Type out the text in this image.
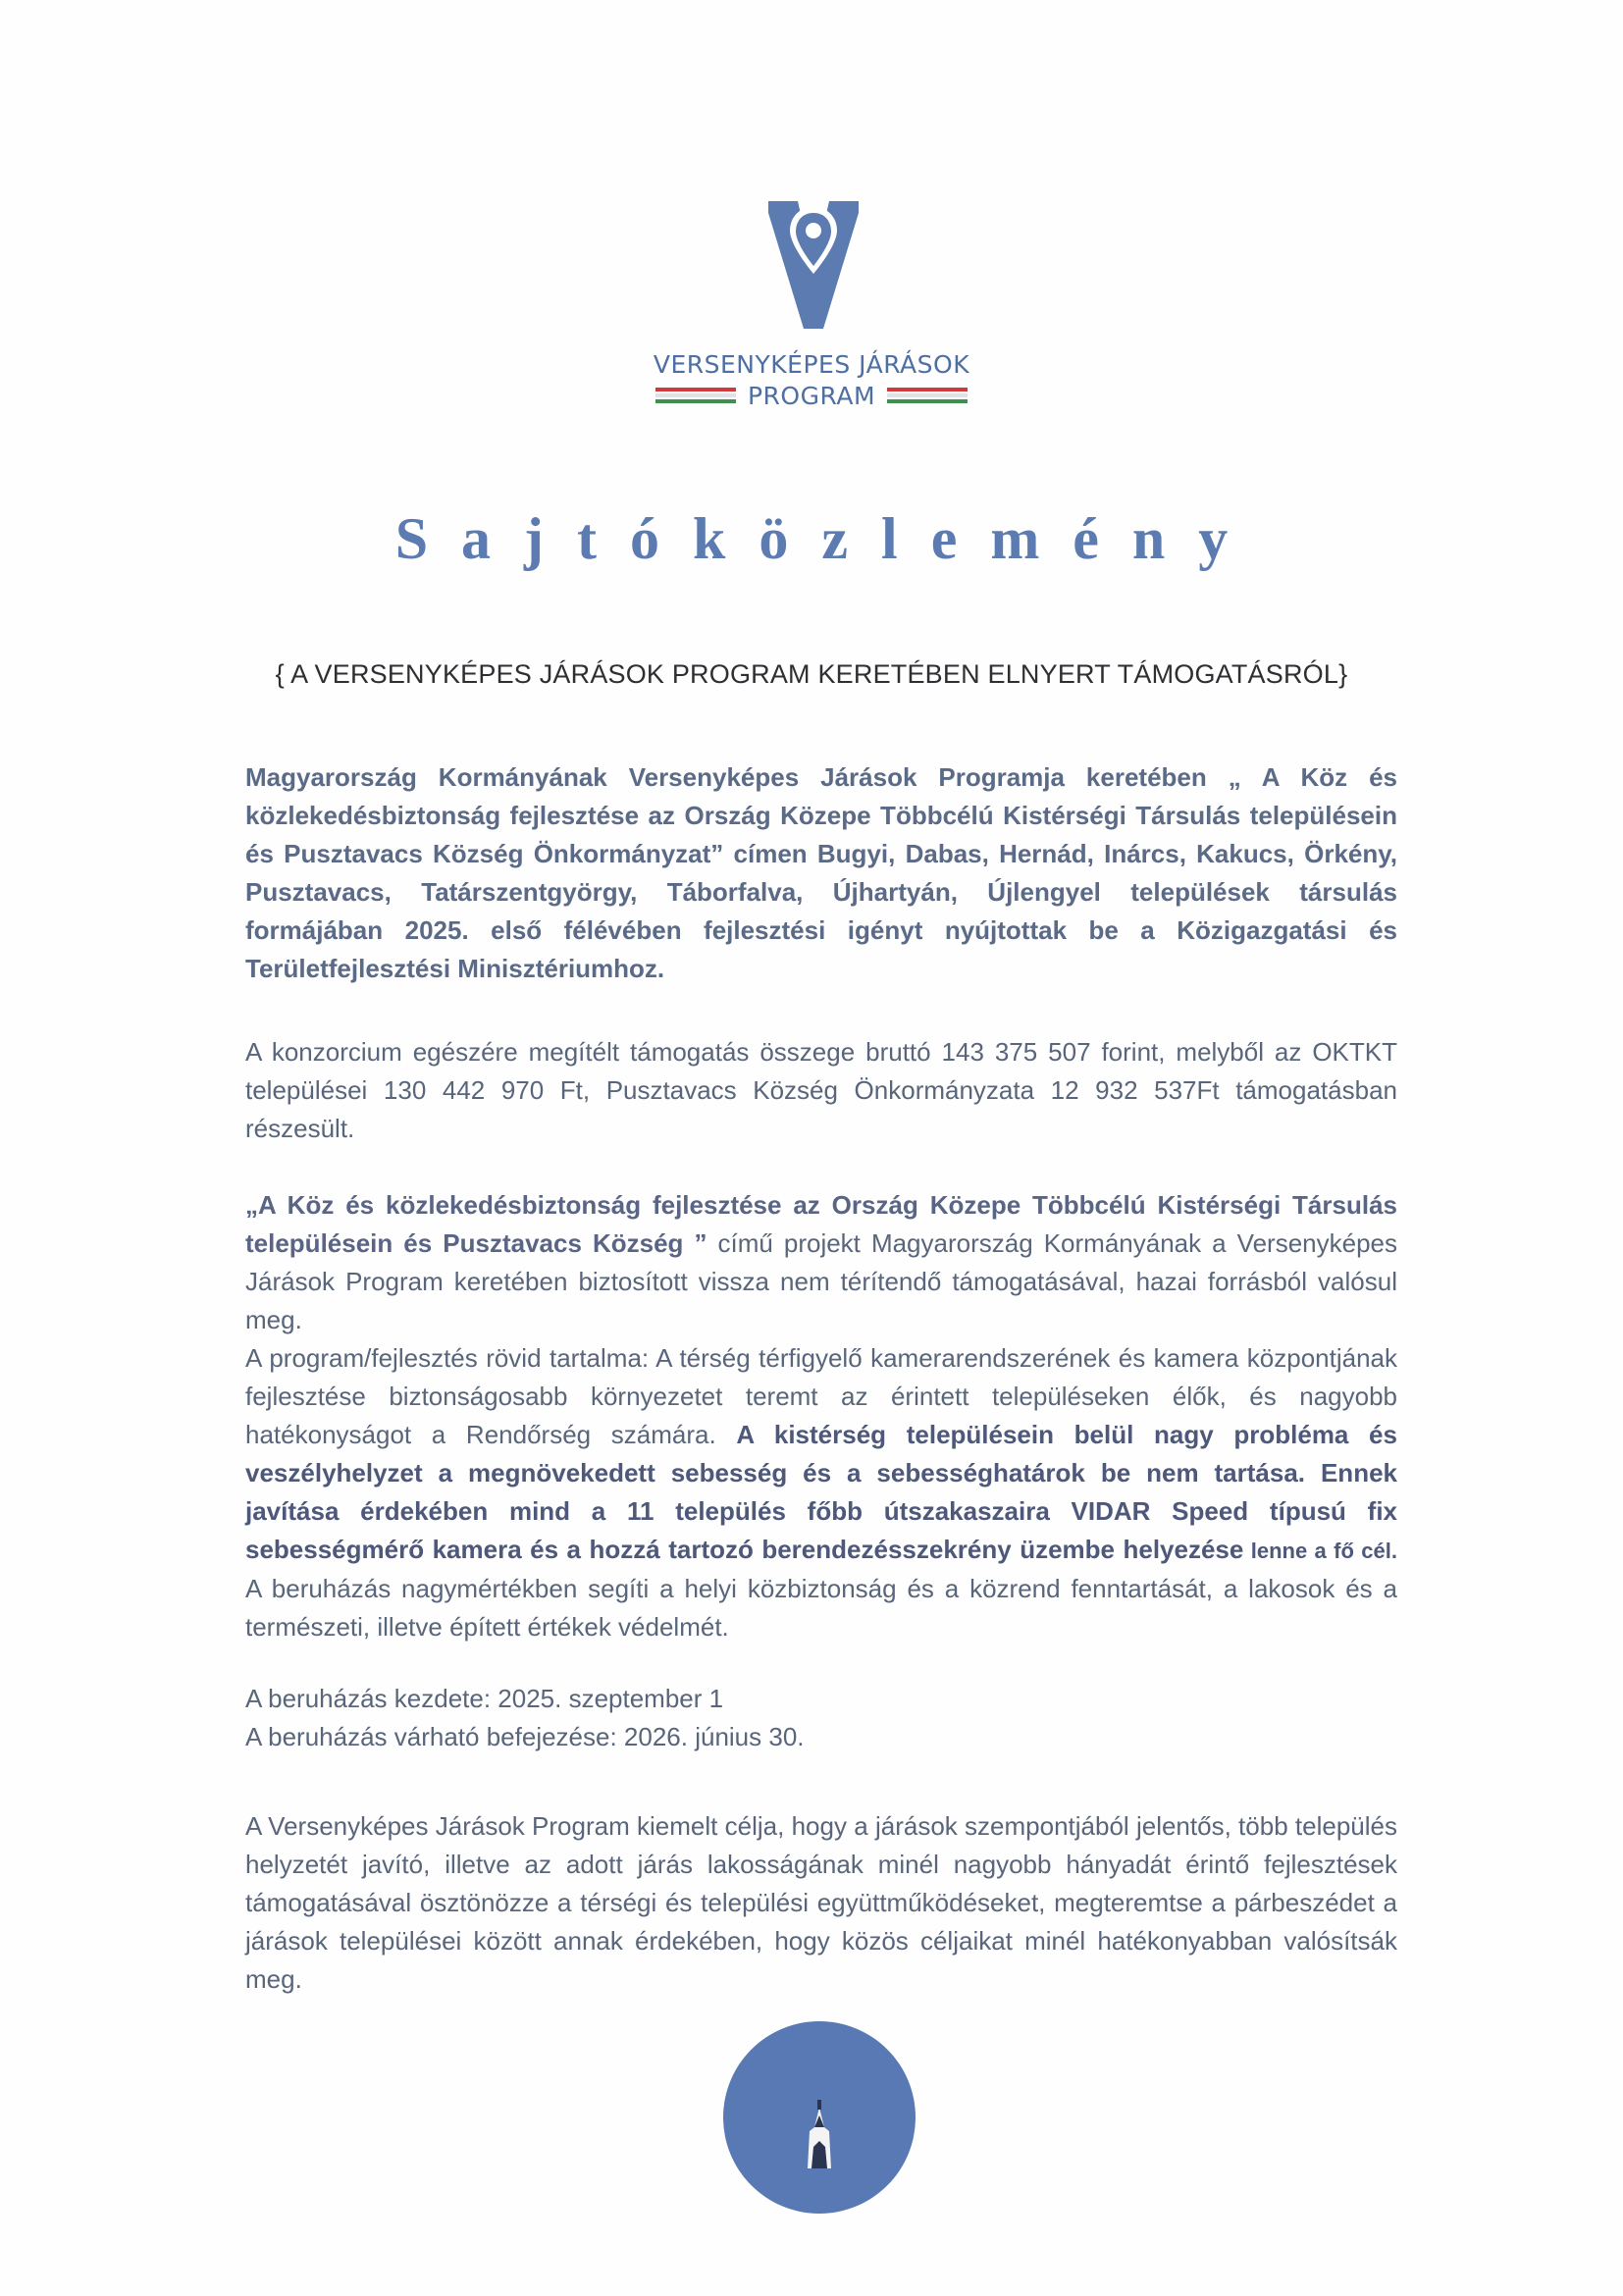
VERSENYKÉPES JÁRÁSOK
PROGRAM
Sajtóközlemény
{ A VERSENYKÉPES JÁRÁSOK PROGRAM KERETÉBEN ELNYERT TÁMOGATÁSRÓL}
Magyarország Kormányának Versenyképes Járások Programja keretében „ A Köz és közlekedésbiztonság fejlesztése az Ország Közepe Többcélú Kistérségi Társulás településein és Pusztavacs Község Önkormányzat” címen Bugyi, Dabas, Hernád, Inárcs, Kakucs, Örkény, Pusztavacs, Tatárszentgyörgy, Táborfalva, Újhartyán, Újlengyel települések társulás formájában 2025. első félévében fejlesztési igényt nyújtottak be a Közigazgatási és Területfejlesztési Minisztériumhoz.
A konzorcium egészére megítélt támogatás összege bruttó 143 375 507 forint, melyből az OKTKT települései 130 442 970 Ft, Pusztavacs Község Önkormányzata 12 932 537Ft támogatásban részesült.
„A Köz és közlekedésbiztonság fejlesztése az Ország Közepe Többcélú Kistérségi Társulás településein és Pusztavacs Község ” című projekt Magyarország Kormányának a Versenyképes Járások Program keretében biztosított vissza nem térítendő támogatásával, hazai forrásból valósul meg.
A program/fejlesztés rövid tartalma: A térség térfigyelő kamerarendszerének és kamera központjának fejlesztése biztonságosabb környezetet teremt az érintett településeken élők, és nagyobb hatékonyságot a Rendőrség számára. A kistérség településein belül nagy probléma és veszélyhelyzet a megnövekedett sebesség és a sebességhatárok be nem tartása. Ennek javítása érdekében mind a 11 település főbb útszakaszaira VIDAR Speed típusú fix sebességmérő kamera és a hozzá tartozó berendezésszekrény üzembe helyezése lenne a fő cél. A beruházás nagymértékben segíti a helyi közbiztonság és a közrend fenntartását, a lakosok és a természeti, illetve épített értékek védelmét.
A beruházás kezdete: 2025. szeptember 1
A beruházás várható befejezése: 2026. június 30.
A Versenyképes Járások Program kiemelt célja, hogy a járások szempontjából jelentős, több település helyzetét javító, illetve az adott járás lakosságának minél nagyobb hányadát érintő fejlesztések támogatásával ösztönözze a térségi és települési együttműködéseket, megteremtse a párbeszédet a járások települései között annak érdekében, hogy közös céljaikat minél hatékonyabban valósítsák meg.
